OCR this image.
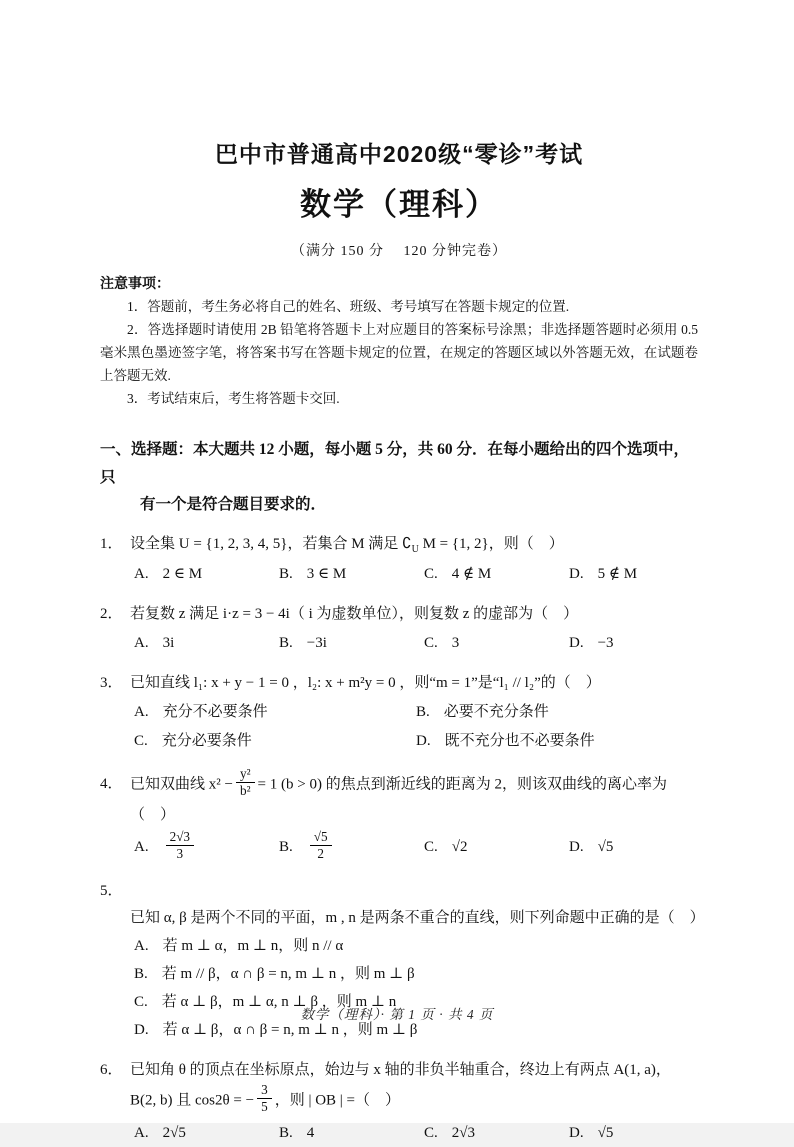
巴中市普通高中2020级“零诊”考试
数学（理科）
（满分 150 分　 120 分钟完卷）
注意事项：
1．答题前，考生务必将自己的姓名、班级、考号填写在答题卡规定的位置.
2．答选择题时请使用 2B 铅笔将答题卡上对应题目的答案标号涂黑；非选择题答题时必须用 0.5 毫米黑色墨迹签字笔，将答案书写在答题卡规定的位置，在规定的答题区域以外答题无效，在试题卷上答题无效.
3．考试结束后，考生将答题卡交回.
一、选择题：本大题共 12 小题，每小题 5 分，共 60 分．在每小题给出的四个选项中，只
有一个是符合题目要求的．
1． 设全集 U = {1, 2, 3, 4, 5}，若集合 M 满足 $∁_U$ M = {1, 2}，则（　）
A. 2 ∈ M	B. 3 ∈ M	C. 4 ∉ M	D. 5 ∉ M
2． 若复数 z 满足 i·z = 3 − 4i（ i 为虚数单位），则复数 z 的虚部为（　）
A. 3i	B. −3i	C. 3	D. −3
3． 已知直线 l₁: x + y − 1 = 0 ，l₂: x + m²y = 0 ，则“m = 1”是“l₁ // l₂”的（　）
A. 充分不必要条件	B. 必要不充分条件
C. 充分必要条件	D. 既不充分也不必要条件
4． 已知双曲线 $x^2 - \frac{\text{y²}}{\text{b²}} = 1$ (b > 0) 的焦点到渐近线的距离为 2，则该双曲线的离心率为（　）
A. $\frac{2√3}{3}$	B. $\frac{√5}{2}$	C. √2	D. √5
5．已知 α, β 是两个不同的平面，m , n 是两条不重合的直线，则下列命题中正确的是（　）
A. 若 m ⊥ α，m ⊥ n，则 n // α
B. 若 m // β，α ∩ β = n, m ⊥ n ，则 m ⊥ β
C. 若 α ⊥ β，m ⊥ α, n ⊥ β ，则 m ⊥ n
D. 若 α ⊥ β，α ∩ β = n, m ⊥ n ，则 m ⊥ β
6． 已知角 θ 的顶点在坐标原点，始边与 x 轴的非负半轴重合，终边上有两点 A(1, a)，
B(2, b) 且 cos2θ = − $\frac{3}{5}$ ，则 | OB | =（　）
A. 2√5	B. 4	C. 2√3	D. √5
数学（理科）· 第 1 页 · 共 4 页
